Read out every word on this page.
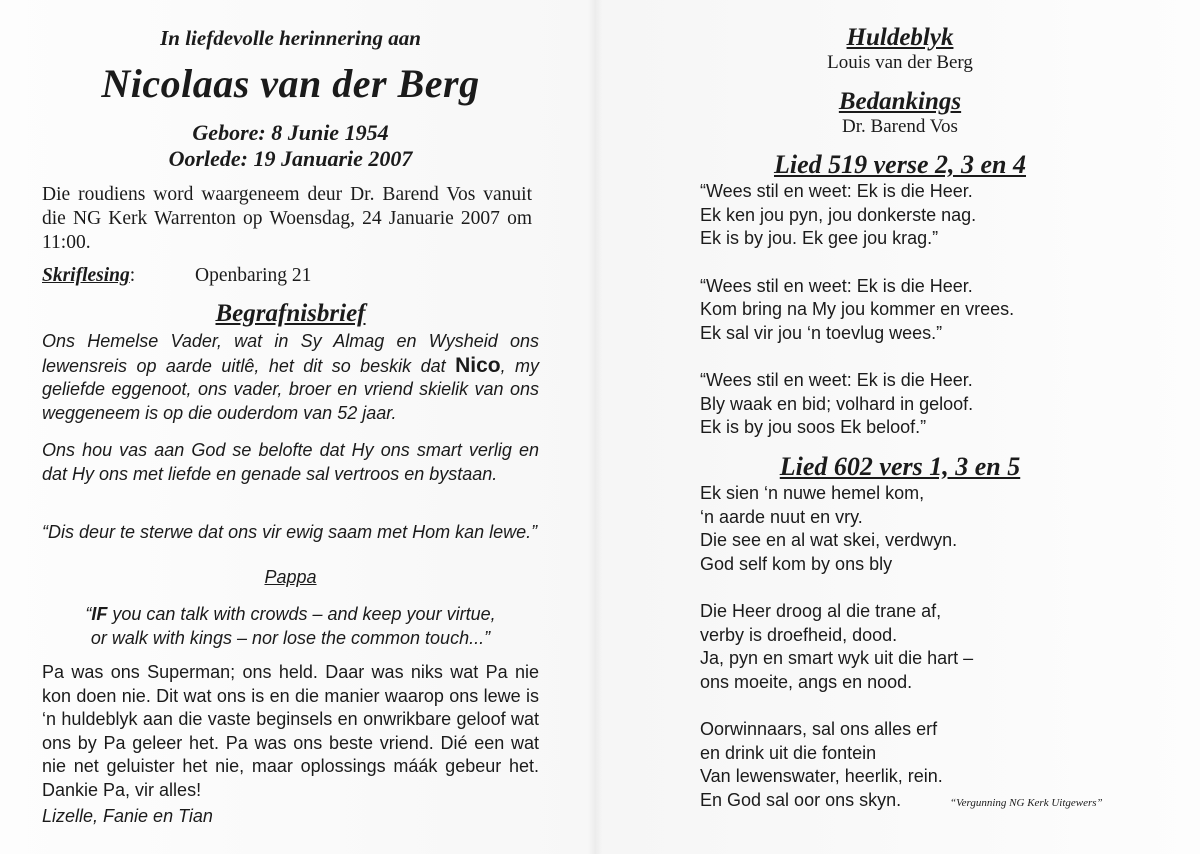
In liefdevolle herinnering aan
Nicolaas van der Berg
Gebore: 8 Junie 1954
Oorlede: 19 Januarie 2007
Die roudiens word waargeneem deur Dr. Barend Vos vanuit die NG Kerk Warrenton op Woensdag, 24 Januarie 2007 om 11:00.
Skriflesing:	Openbaring 21
Begrafnisbrief
Ons Hemelse Vader, wat in Sy Almag en Wysheid ons lewensreis op aarde uitlê, het dit so beskik dat Nico, my geliefde eggenoot, ons vader, broer en vriend skielik van ons weggeneem is op die ouderdom van 52 jaar.
Ons hou vas aan God se belofte dat Hy ons smart verlig en dat Hy ons met liefde en genade sal vertroos en bystaan.
“Dis deur te sterwe dat ons vir ewig saam met Hom kan lewe.”
Pappa
“IF you can talk with crowds – and keep your virtue,
or walk with kings – nor lose the common touch...”
Pa was ons Superman; ons held. Daar was niks wat Pa nie kon doen nie. Dit wat ons is en die manier waarop ons lewe is ‘n huldeblyk aan die vaste beginsels en onwrikbare geloof wat ons by Pa geleer het. Pa was ons beste vriend. Dié een wat nie net geluister het nie, maar oplossings máák gebeur het. Dankie Pa, vir alles!
Lizelle, Fanie en Tian
Huldeblyk
Louis van der Berg
Bedankings
Dr. Barend Vos
Lied 519 verse 2, 3 en 4
“Wees stil en weet: Ek is die Heer.
Ek ken jou pyn, jou donkerste nag.
Ek is by jou. Ek gee jou krag.”
“Wees stil en weet: Ek is die Heer.
Kom bring na My jou kommer en vrees.
Ek sal vir jou ‘n toevlug wees.”
“Wees stil en weet: Ek is die Heer.
Bly waak en bid; volhard in geloof.
Ek is by jou soos Ek beloof.”
Lied 602 vers 1, 3 en 5
Ek sien ‘n nuwe hemel kom,
‘n aarde nuut en vry.
Die see en al wat skei, verdwyn.
God self kom by ons bly
Die Heer droog al die trane af,
verby is droefheid, dood.
Ja, pyn en smart wyk uit die hart –
ons moeite, angs en nood.
Oorwinnaars, sal ons alles erf
en drink uit die fontein
Van lewenswater, heerlik, rein.
En God sal oor ons skyn.	“Vergunning NG Kerk Uitgewers”
